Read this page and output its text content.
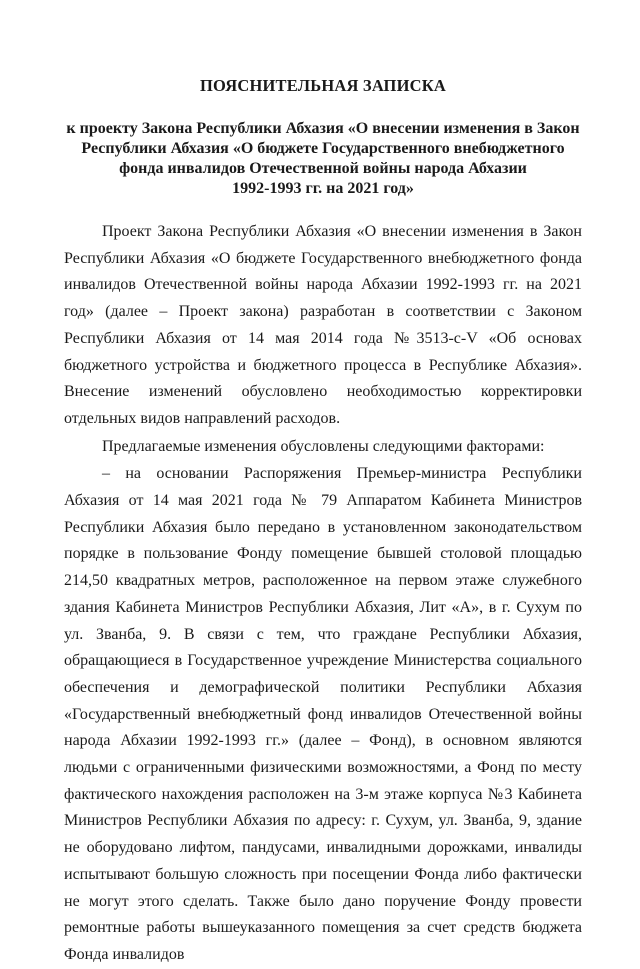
ПОЯСНИТЕЛЬНАЯ ЗАПИСКА
к проекту Закона Республики Абхазия «О внесении изменения в Закон
Республики Абхазия «О бюджете Государственного внебюджетного
фонда инвалидов Отечественной войны народа Абхазии
1992-1993 гг. на 2021 год»

Проект Закона Республики Абхазия «О внесении изменения в Закон Республики Абхазия «О бюджете Государственного внебюджетного фонда инвалидов Отечественной войны народа Абхазии 1992-1993 гг. на 2021 год» (далее – Проект закона) разработан в соответствии с Законом Республики Абхазия от 14 мая 2014 года №3513-с-V «Об основах бюджетного устройства и бюджетного процесса в Республике Абхазия». Внесение изменений обусловлено необходимостью корректировки отдельных видов направлений расходов.

Предлагаемые изменения обусловлены следующими факторами:

– на основании Распоряжения Премьер-министра Республики Абхазия от 14 мая 2021 года № 79 Аппаратом Кабинета Министров Республики Абхазия было передано в установленном законодательством порядке в пользование Фонду помещение бывшей столовой площадью 214,50 квадратных метров, расположенное на первом этаже служебного здания Кабинета Министров Республики Абхазия, Лит «А», в г. Сухум по ул. Званба, 9. В связи с тем, что граждане Республики Абхазия, обращающиеся в Государственное учреждение Министерства социального обеспечения и демографической политики Республики Абхазия «Государственный внебюджетный фонд инвалидов Отечественной войны народа Абхазии 1992-1993 гг.» (далее – Фонд), в основном являются людьми с ограниченными физическими возможностями, а Фонд по месту фактического нахождения расположен на 3-м этаже корпуса №3 Кабинета Министров Республики Абхазия по адресу: г. Сухум, ул. Званба, 9, здание не оборудовано лифтом, пандусами, инвалидными дорожками, инвалиды испытывают большую сложность при посещении Фонда либо фактически не могут этого сделать. Также было дано поручение Фонду провести ремонтные работы вышеуказанного помещения за счет средств бюджета Фонда инвалидов
